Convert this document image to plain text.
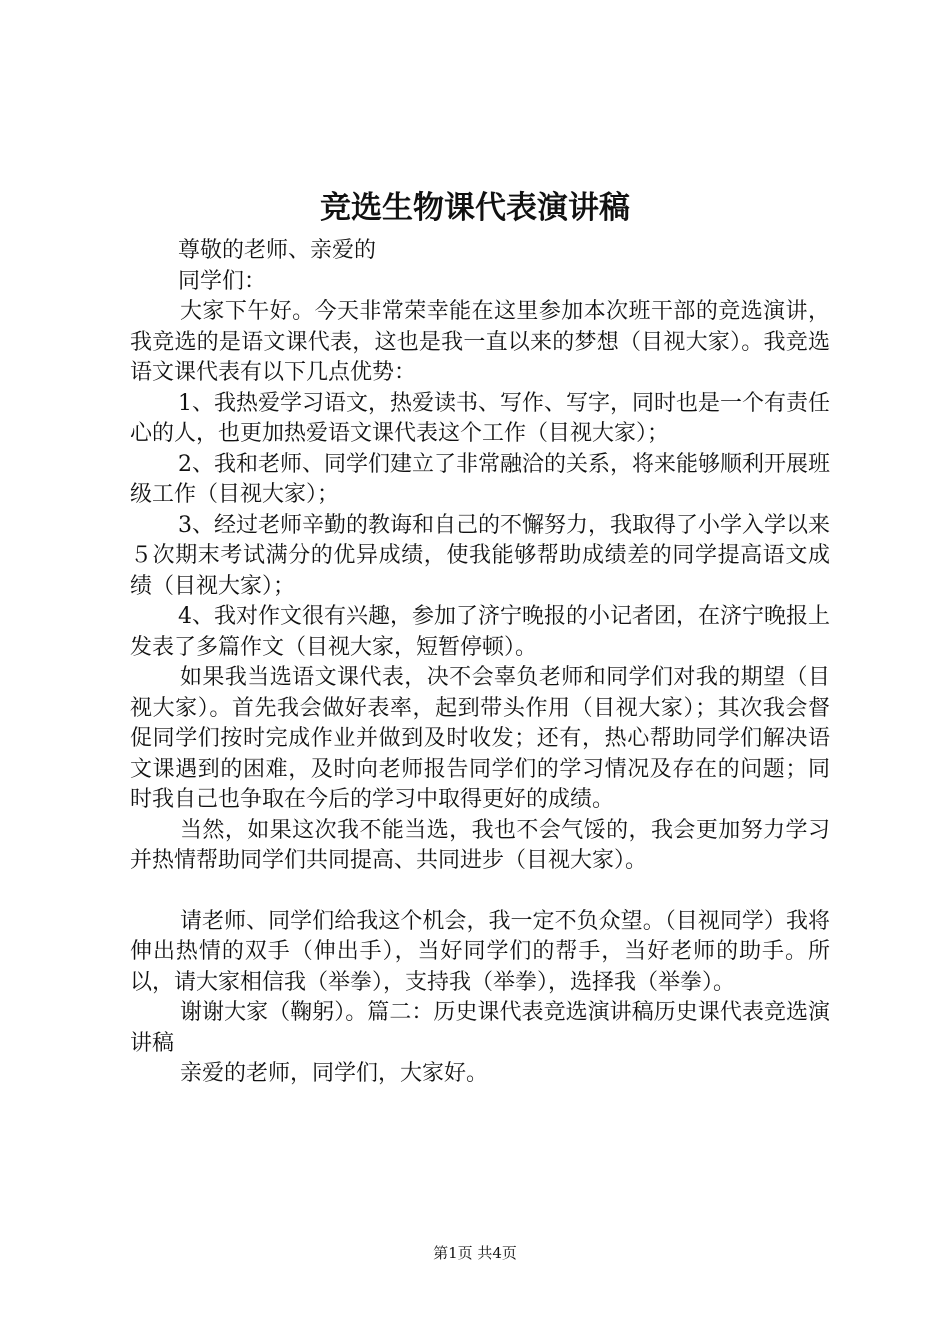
竞选生物课代表演讲稿

尊敬的老师、亲爱的

同学们：

大家下午好。今天非常荣幸能在这里参加本次班干部的竞选演讲，我竞选的是语文课代表，这也是我一直以来的梦想（目视大家）。我竞选语文课代表有以下几点优势：

1、我热爱学习语文，热爱读书、写作、写字，同时也是一个有责任心的人，也更加热爱语文课代表这个工作（目视大家）；

2、我和老师、同学们建立了非常融洽的关系，将来能够顺利开展班级工作（目视大家）；

3、经过老师辛勤的教诲和自己的不懈努力，我取得了小学入学以来５次期末考试满分的优异成绩，使我能够帮助成绩差的同学提高语文成绩（目视大家）；

4、我对作文很有兴趣，参加了济宁晚报的小记者团，在济宁晚报上发表了多篇作文（目视大家，短暂停顿）。

如果我当选语文课代表，决不会辜负老师和同学们对我的期望（目视大家）。首先我会做好表率，起到带头作用（目视大家）；其次我会督促同学们按时完成作业并做到及时收发；还有，热心帮助同学们解决语文课遇到的困难，及时向老师报告同学们的学习情况及存在的问题；同时我自己也争取在今后的学习中取得更好的成绩。

当然，如果这次我不能当选，我也不会气馁的，我会更加努力学习并热情帮助同学们共同提高、共同进步（目视大家）。

请老师、同学们给我这个机会，我一定不负众望。（目视同学）我将伸出热情的双手（伸出手），当好同学们的帮手，当好老师的助手。所以，请大家相信我（举拳），支持我（举拳），选择我（举拳）。

谢谢大家（鞠躬）。篇二：历史课代表竞选演讲稿历史课代表竞选演讲稿

亲爱的老师，同学们，大家好。

第1页 共4页
